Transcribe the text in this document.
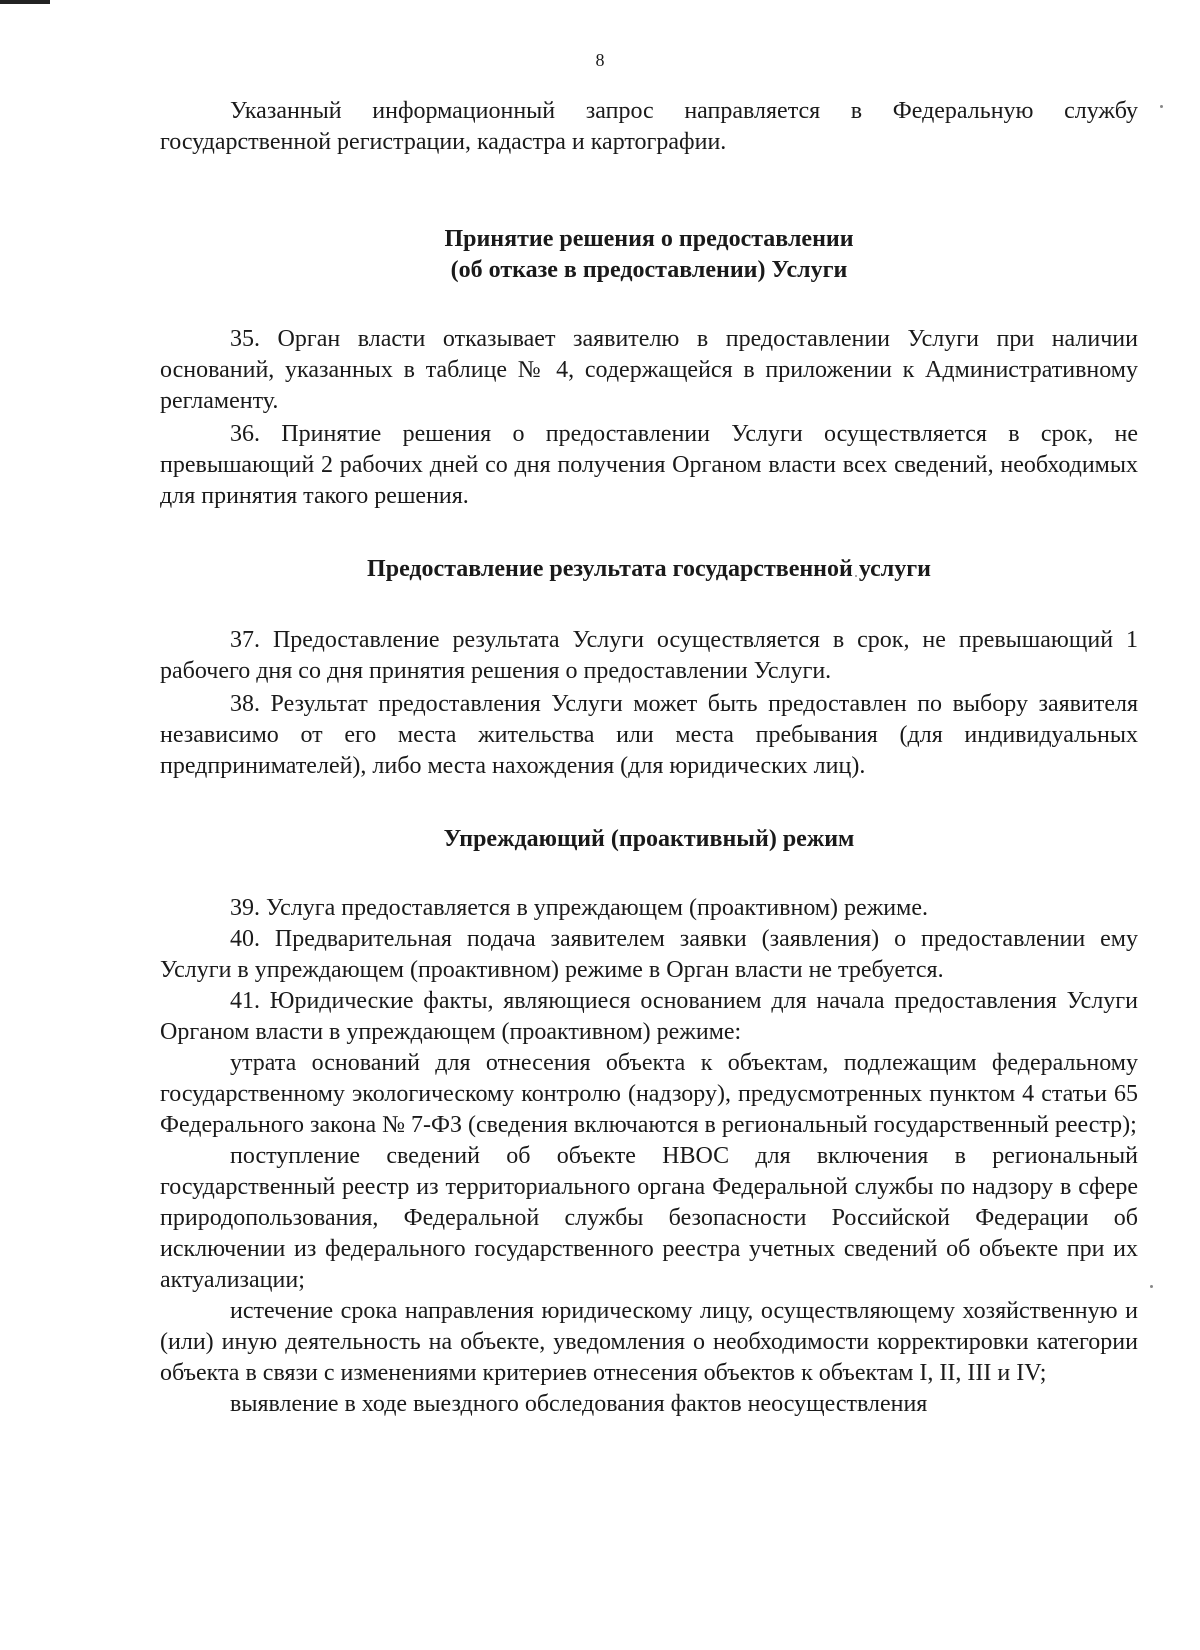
8

Указанный информационный запрос направляется в Федеральную службу государственной регистрации, кадастра и картографии.

Принятие решения о предоставлении
(об отказе в предоставлении) Услуги

35. Орган власти отказывает заявителю в предоставлении Услуги при наличии оснований, указанных в таблице № 4, содержащейся в приложении к Административному регламенту.

36. Принятие решения о предоставлении Услуги осуществляется в срок, не превышающий 2 рабочих дней со дня получения Органом власти всех сведений, необходимых для принятия такого решения.

Предоставление результата государственной услуги

37. Предоставление результата Услуги осуществляется в срок, не превышающий 1 рабочего дня со дня принятия решения о предоставлении Услуги.

38. Результат предоставления Услуги может быть предоставлен по выбору заявителя независимо от его места жительства или места пребывания (для индивидуальных предпринимателей), либо места нахождения (для юридических лиц).

Упреждающий (проактивный) режим

39. Услуга предоставляется в упреждающем (проактивном) режиме.

40. Предварительная подача заявителем заявки (заявления) о предоставлении ему Услуги в упреждающем (проактивном) режиме в Орган власти не требуется.

41. Юридические факты, являющиеся основанием для начала предоставления Услуги Органом власти в упреждающем (проактивном) режиме:

утрата оснований для отнесения объекта к объектам, подлежащим федеральному государственному экологическому контролю (надзору), предусмотренных пунктом 4 статьи 65 Федерального закона № 7-ФЗ (сведения включаются в региональный государственный реестр);

поступление сведений об объекте НВОС для включения в региональный государственный реестр из территориального органа Федеральной службы по надзору в сфере природопользования, Федеральной службы безопасности Российской Федерации об исключении из федерального государственного реестра учетных сведений об объекте при их актуализации;

истечение срока направления юридическому лицу, осуществляющему хозяйственную и (или) иную деятельность на объекте, уведомления о необходимости корректировки категории объекта в связи с изменениями критериев отнесения объектов к объектам I, II, III и IV;

выявление в ходе выездного обследования фактов неосуществления
